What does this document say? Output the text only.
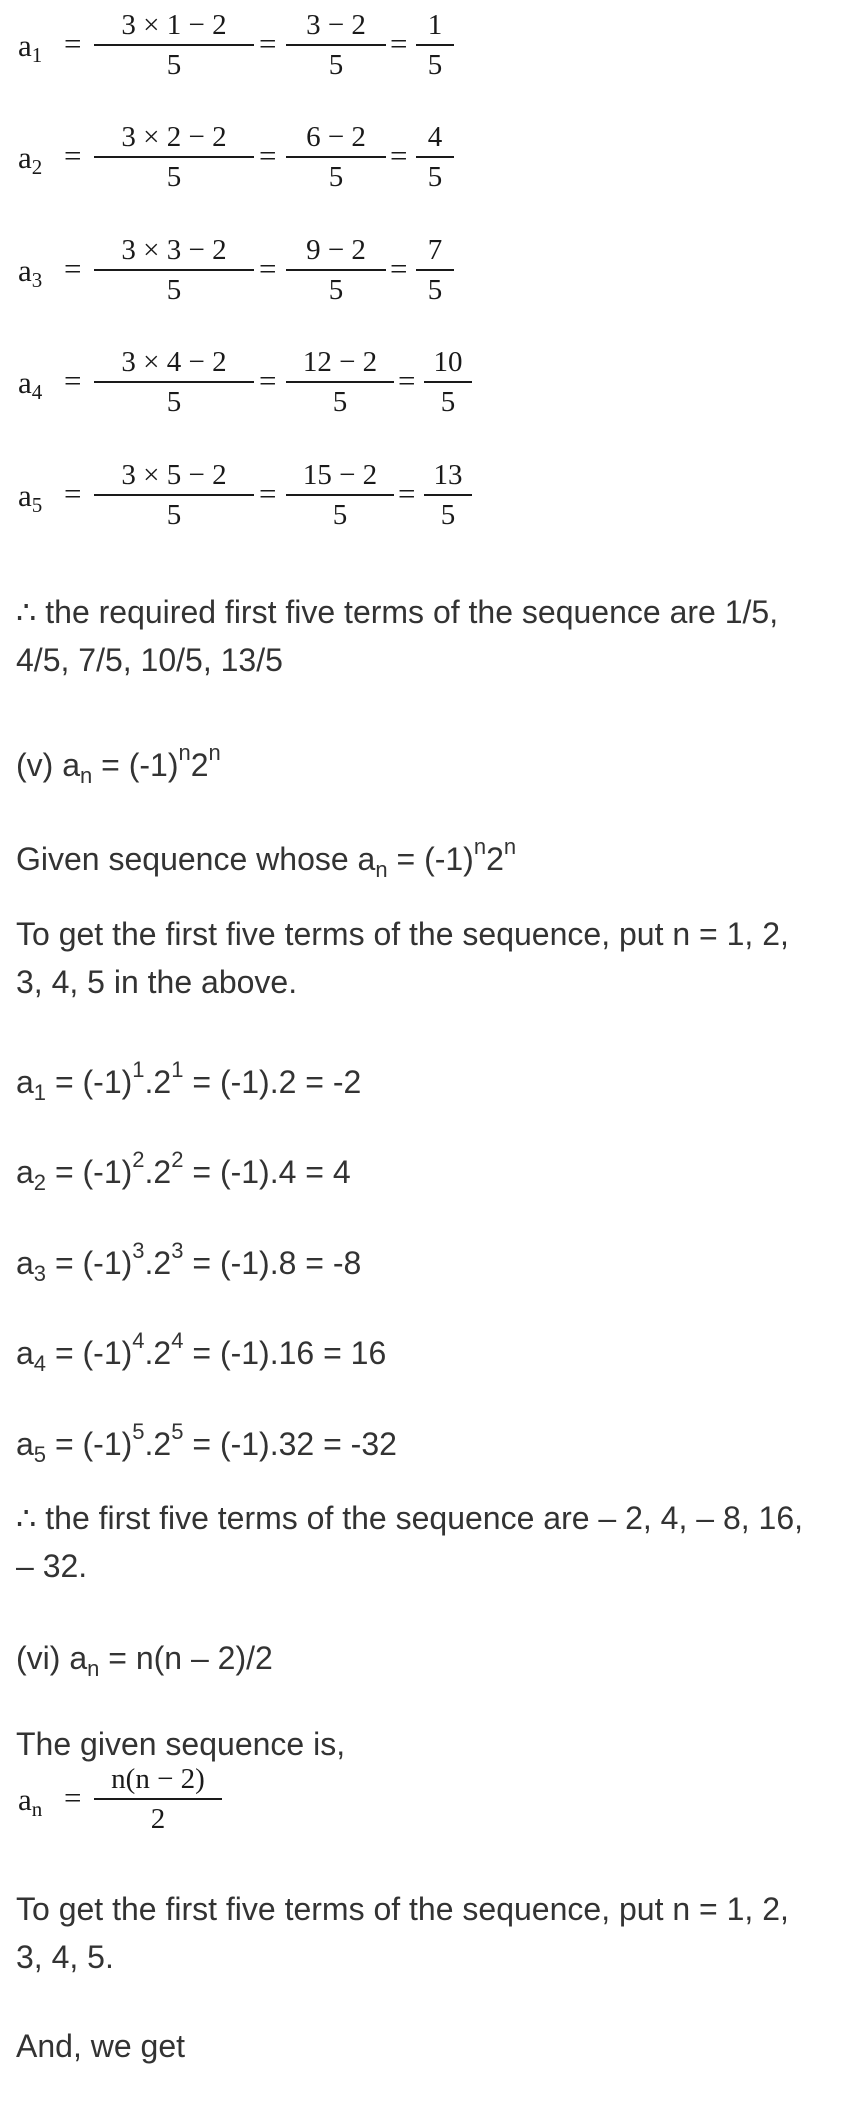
$a_1$ =
3 × 1 − 2
5
=
3 − 2
5
=
1
5
$a_2$ =
3 × 2 − 2
5
=
6 − 2
5
=
4
5
$a_3$ =
3 × 3 − 2
5
=
9 − 2
5
=
7
5
$a_4$ =
3 × 4 − 2
5
=
12 − 2
5
=
10
5
$a_5$ =
3 × 5 − 2
5
=
15 − 2
5
=
13
5

∴ the required first five terms of the sequence are 1/5,
4/5, 7/5, 10/5, 13/5

(v) $a_n = (-1)^n2^n$

Given sequence whose $a_n = (-1)^n2^n$

To get the first five terms of the sequence, put n = 1, 2,
3, 4, 5 in the above.

$a_1 = (-1)^1.2^1 = (-1).2 = -2$

$a_2 = (-1)^2.2^2 = (-1).4 = 4$

$a_3 = (-1)^3.2^3 = (-1).8 = -8$

$a_4 = (-1)^4.2^4 = (-1).16 = 16$

$a_5 = (-1)^5.2^5 = (-1).32 = -32$

∴ the first five terms of the sequence are – 2, 4, – 8, 16,
– 32.

(vi) $a_n = n(n - 2)/2$

The given sequence is,

$a_n$ =
n(n − 2)
2

To get the first five terms of the sequence, put n = 1, 2,
3, 4, 5.

And, we get
